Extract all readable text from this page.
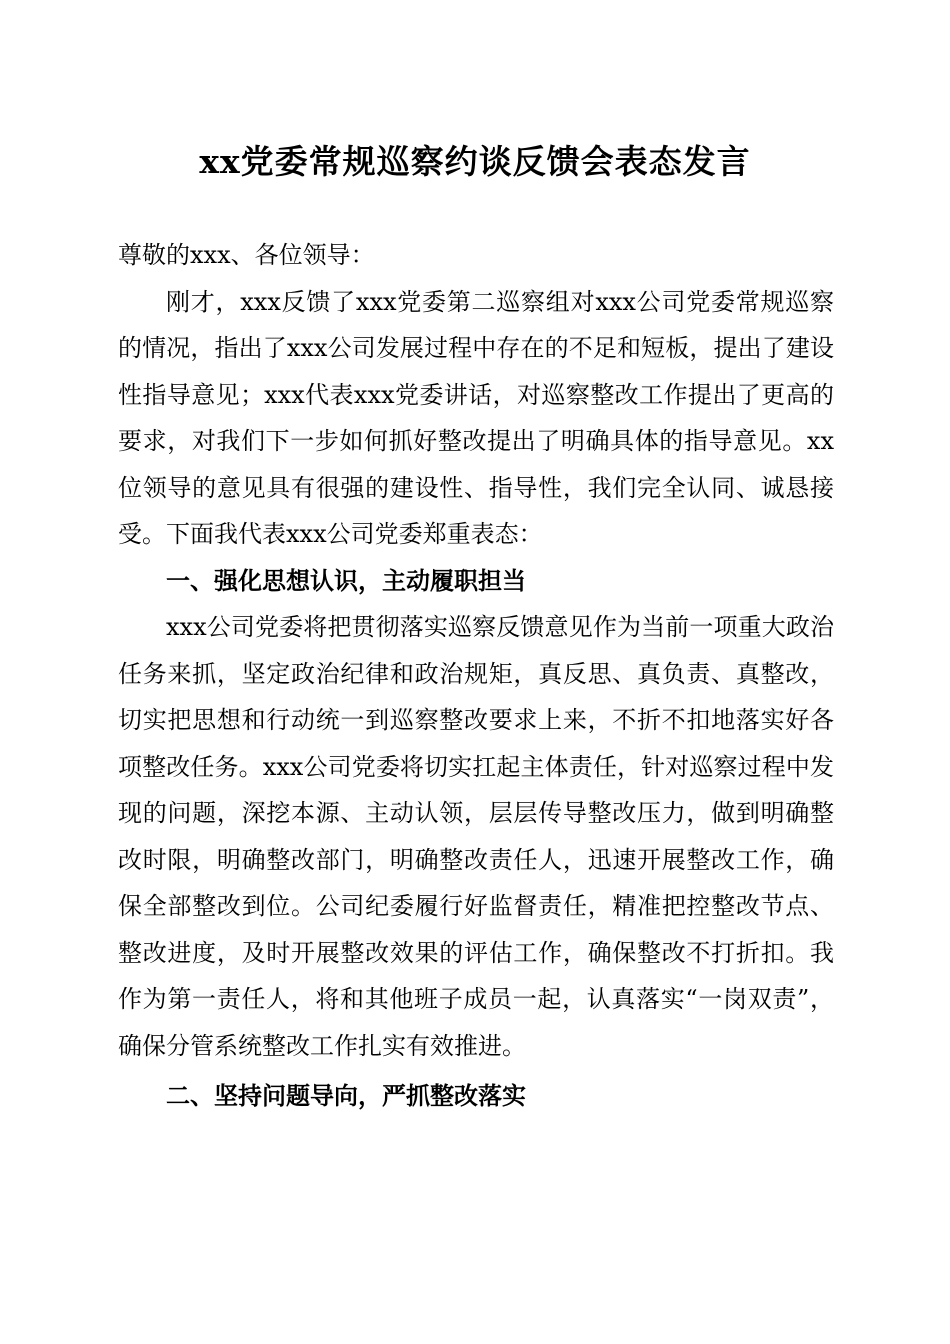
xx党委常规巡察约谈反馈会表态发言

尊敬的xxx、各位领导：

刚才，xxx反馈了xxx党委第二巡察组对xxx公司党委常规巡察的情况，指出了xxx公司发展过程中存在的不足和短板，提出了建设性指导意见；xxx代表xxx党委讲话，对巡察整改工作提出了更高的要求，对我们下一步如何抓好整改提出了明确具体的指导意见。xx位领导的意见具有很强的建设性、指导性，我们完全认同、诚恳接受。下面我代表xxx公司党委郑重表态：

一、强化思想认识，主动履职担当

xxx公司党委将把贯彻落实巡察反馈意见作为当前一项重大政治任务来抓，坚定政治纪律和政治规矩，真反思、真负责、真整改，切实把思想和行动统一到巡察整改要求上来，不折不扣地落实好各项整改任务。xxx公司党委将切实扛起主体责任，针对巡察过程中发现的问题，深挖本源、主动认领，层层传导整改压力，做到明确整改时限，明确整改部门，明确整改责任人，迅速开展整改工作，确保全部整改到位。公司纪委履行好监督责任，精准把控整改节点、整改进度，及时开展整改效果的评估工作，确保整改不打折扣。我作为第一责任人，将和其他班子成员一起，认真落实“一岗双责”，确保分管系统整改工作扎实有效推进。

二、坚持问题导向，严抓整改落实
